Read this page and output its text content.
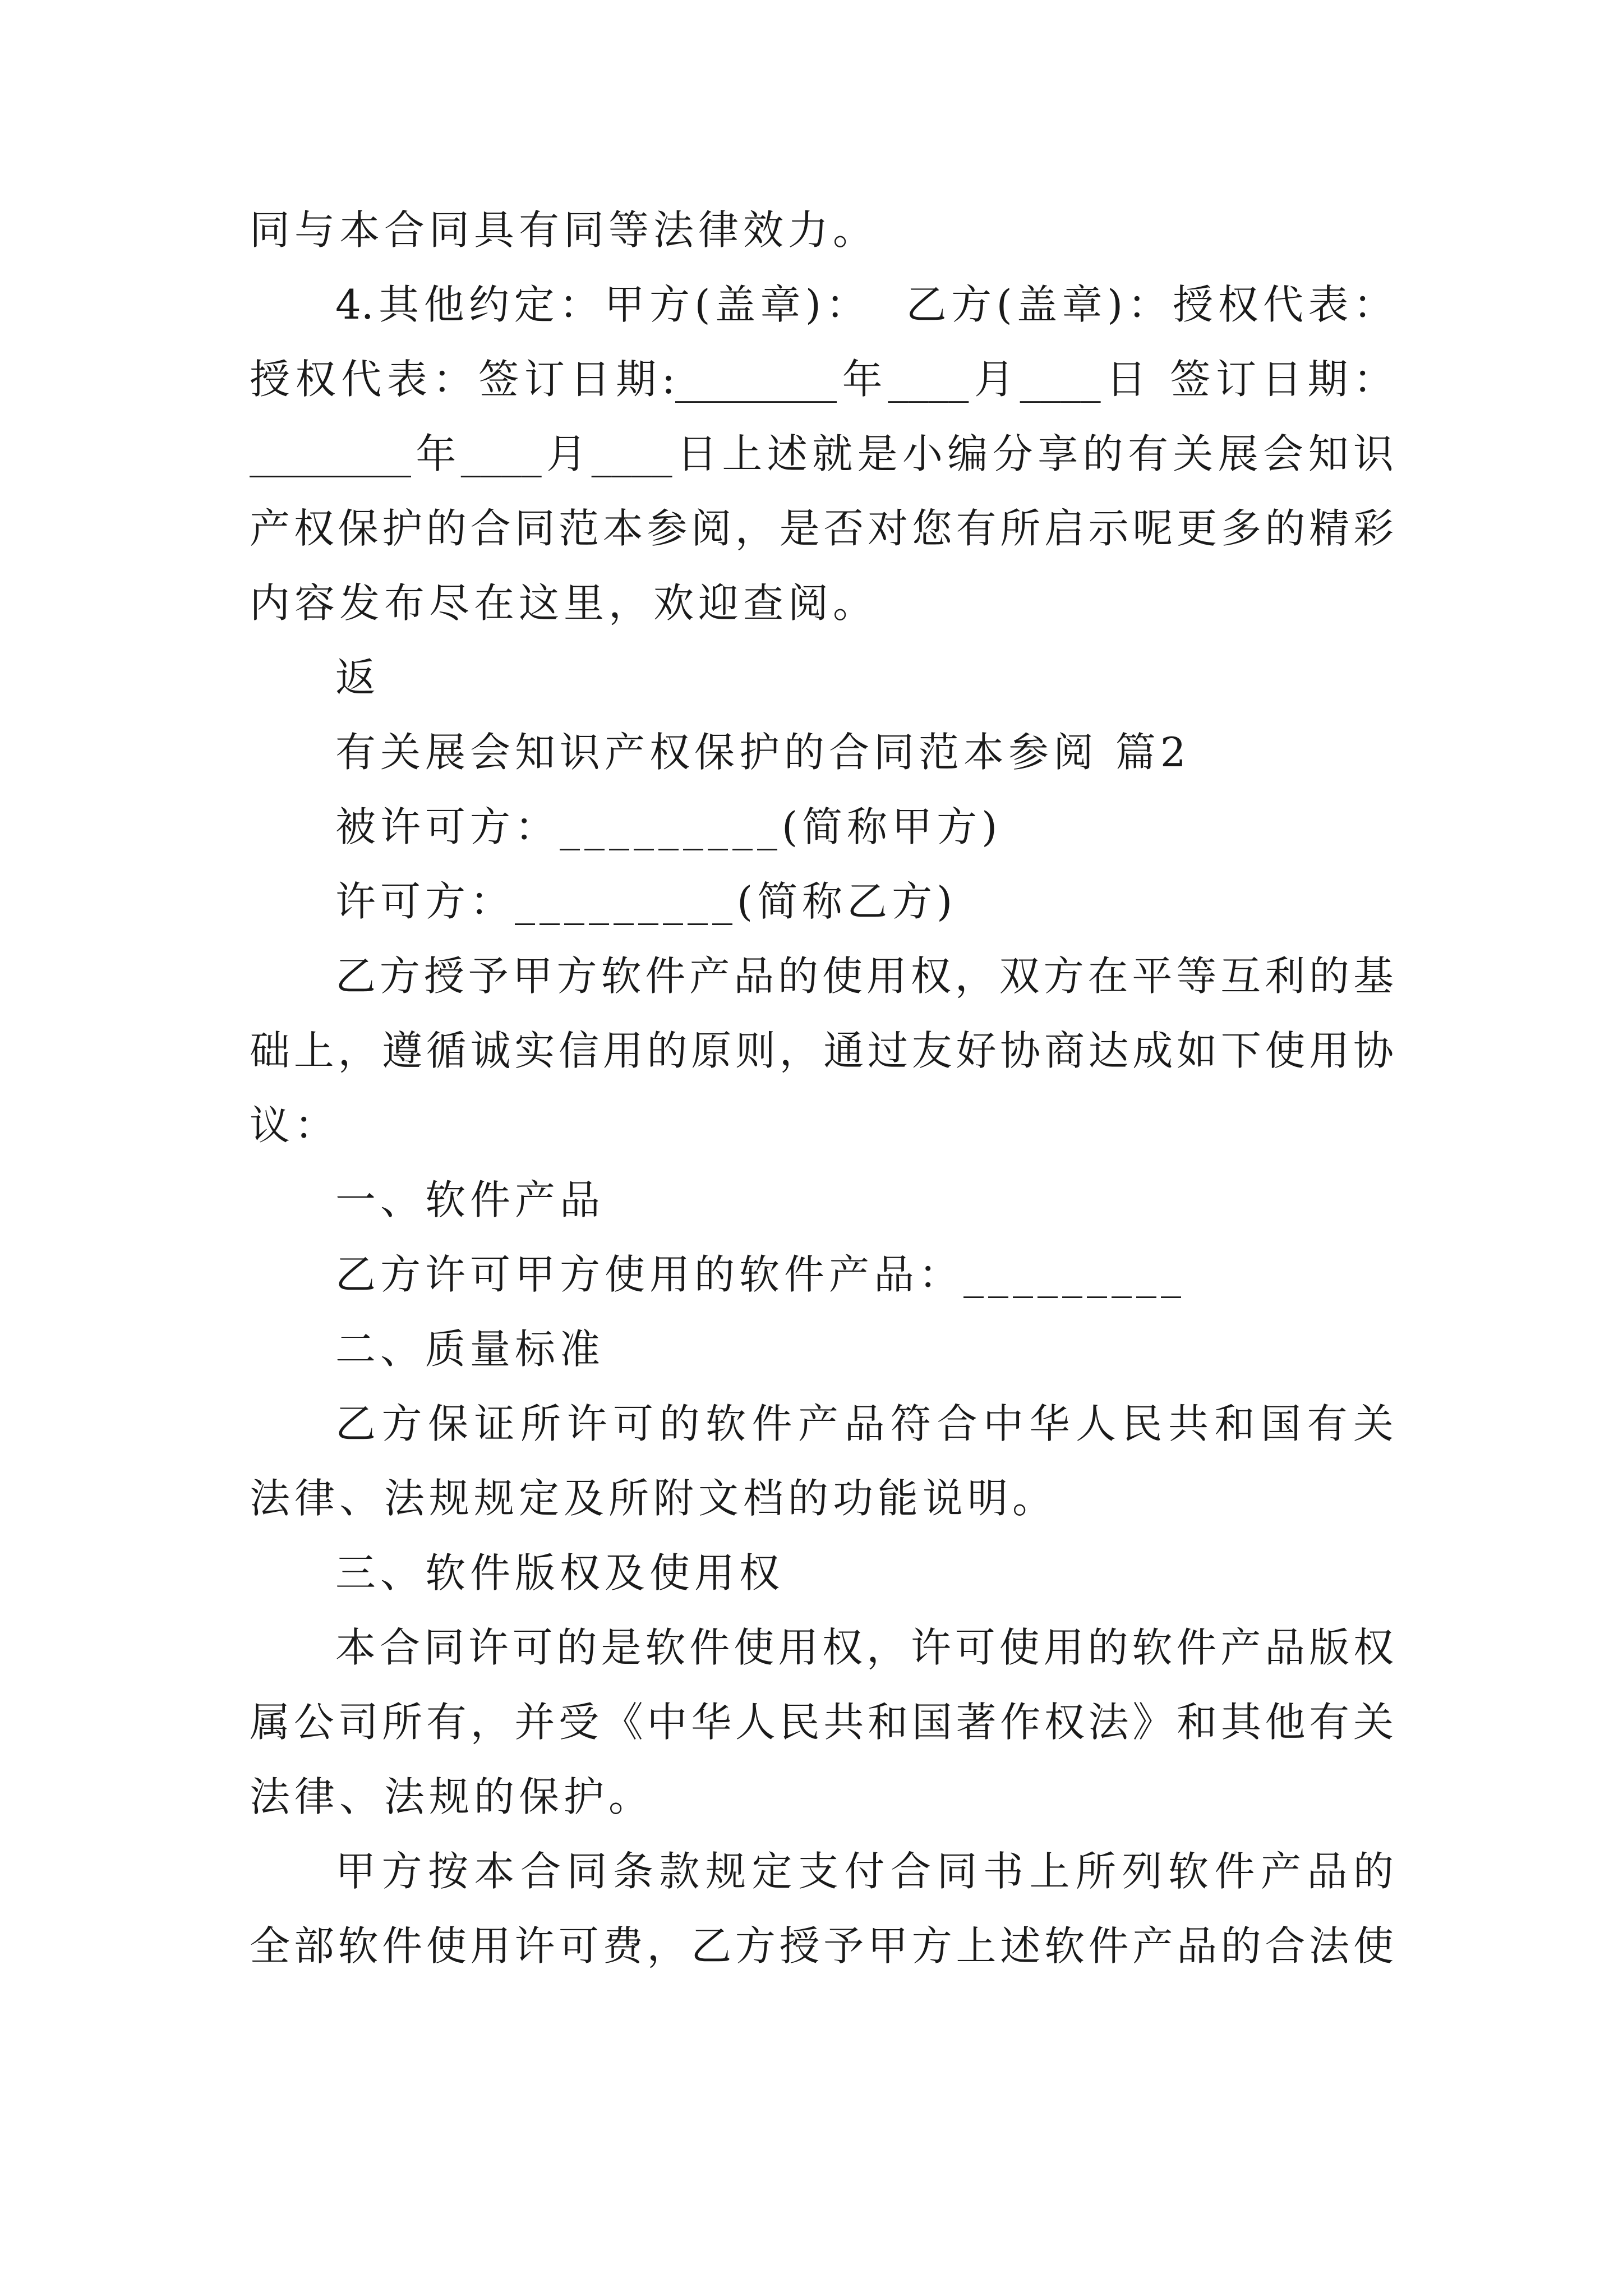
同与本合同具有同等法律效力。
4.其他约定：甲方(盖章)：  乙方(盖章)：授权代表：
授权代表：签订日期:________年____月____日 签订日期：
________年____月____日上述就是小编分享的有关展会知识
产权保护的合同范本参阅，是否对您有所启示呢更多的精彩
内容发布尽在这里，欢迎查阅。
返
有关展会知识产权保护的合同范本参阅 篇2
被许可方：_________(简称甲方)
许可方：_________(简称乙方)
乙方授予甲方软件产品的使用权，双方在平等互利的基
础上，遵循诚实信用的原则，通过友好协商达成如下使用协
议：
一、软件产品
乙方许可甲方使用的软件产品：_________
二、质量标准
乙方保证所许可的软件产品符合中华人民共和国有关
法律、法规规定及所附文档的功能说明。
三、软件版权及使用权
本合同许可的是软件使用权，许可使用的软件产品版权
属公司所有，并受《中华人民共和国著作权法》和其他有关
法律、法规的保护。
甲方按本合同条款规定支付合同书上所列软件产品的
全部软件使用许可费，乙方授予甲方上述软件产品的合法使
